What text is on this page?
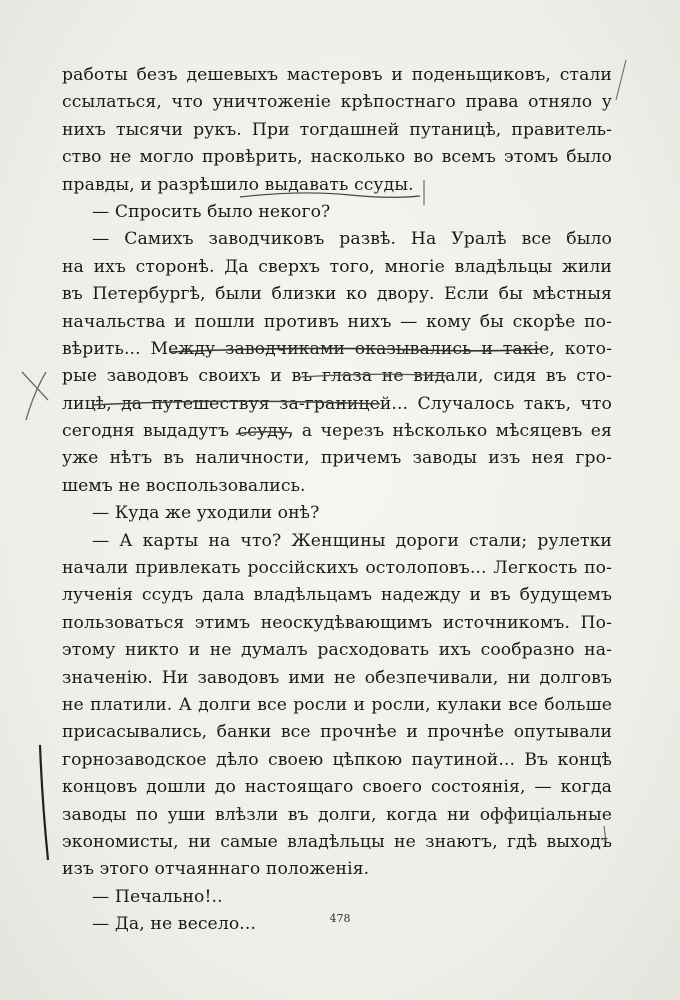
работы безъ дешевыхъ мастеровъ и поденьщиковъ, стали
ссылаться, что уничтоженіе крѣпостнаго права отняло у
нихъ тысячи рукъ. При тогдашней путаницѣ, правитель-
ство не могло провѣрить, насколько во всемъ этомъ было
правды, и разрѣшило выдавать ссуды.
— Спросить было некого?
— Самихъ заводчиковъ развѣ. На Уралѣ все было
на ихъ сторонѣ. Да сверхъ того, многіе владѣльцы жили
въ Петербургѣ, были близки ко двору. Если бы мѣстныя
начальства и пошли противъ нихъ — кому бы скорѣе по-
вѣрить... Между заводчиками оказывались и такіе, кото-
рые заводовъ своихъ и въ глаза не видали, сидя въ сто-
лицѣ, да путешествуя за-границей... Случалось такъ, что
сегодня выдадутъ ссуду, а черезъ нѣсколько мѣсяцевъ ея
уже нѣтъ въ наличности, причемъ заводы изъ нея гро-
шемъ не воспользовались.
— Куда же уходили онѣ?
— А карты на что? Женщины дороги стали; рулетки
начали привлекать россійскихъ остолоповъ... Легкость по-
лученія ссудъ дала владѣльцамъ надежду и въ будущемъ
пользоваться этимъ неоскудѣвающимъ источникомъ. По-
этому никто и не думалъ расходовать ихъ сообразно на-
значенію. Ни заводовъ ими не обезпечивали, ни долговъ
не платили. А долги все росли и росли, кулаки все больше
присасывались, банки все прочнѣе и прочнѣе опутывали
горнозаводское дѣло своею цѣпкою паутиной... Въ концѣ
концовъ дошли до настоящаго своего состоянія, — когда
заводы по уши влѣзли въ долги, когда ни оффиціальные
экономисты, ни самые владѣльцы не знаютъ, гдѣ выходъ
изъ этого отчаяннаго положенія.
— Печально!..
— Да, не весело...	478
